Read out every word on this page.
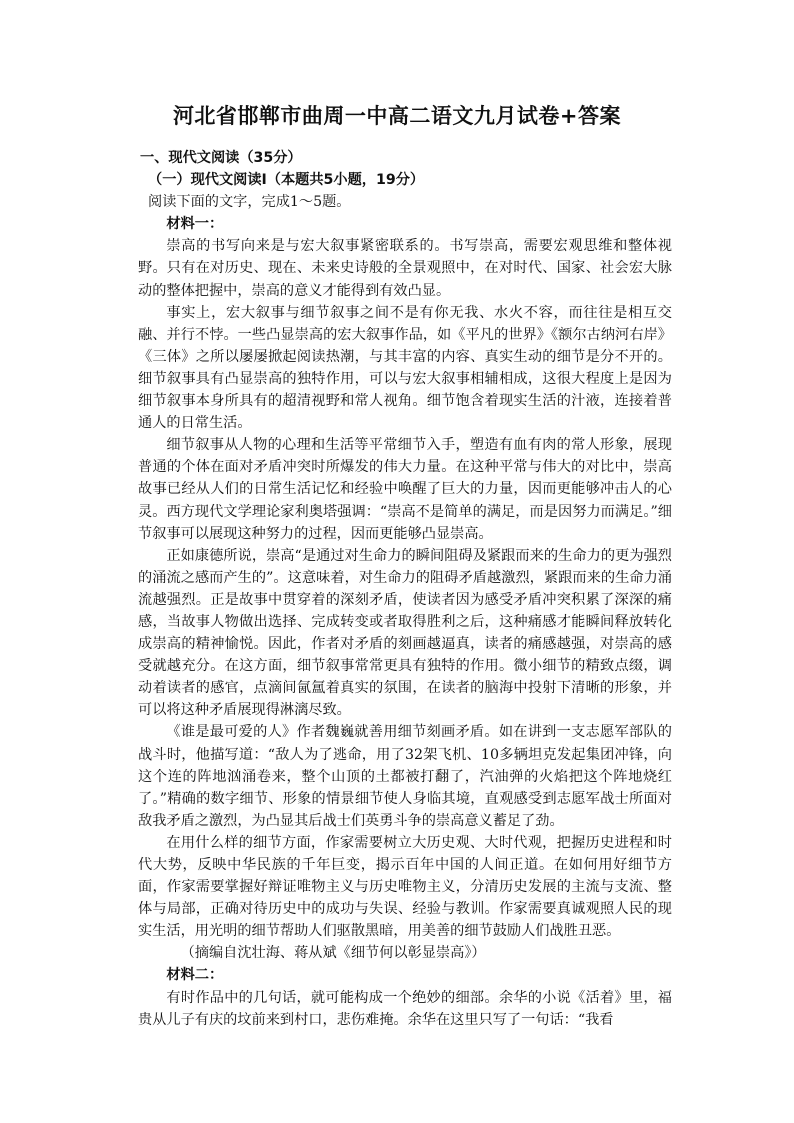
河北省邯郸市曲周一中高二语文九月试卷+答案
一、现代文阅读（35分）
（一）现代文阅读Ⅰ（本题共5小题，19分）
阅读下面的文字，完成1～5题。
材料一：

崇高的书写向来是与宏大叙事紧密联系的。书写崇高，需要宏观思维和整体视野。只有在对历史、现在、未来史诗般的全景观照中，在对时代、国家、社会宏大脉动的整体把握中，崇高的意义才能得到有效凸显。

事实上，宏大叙事与细节叙事之间不是有你无我、水火不容，而往往是相互交融、并行不悖。一些凸显崇高的宏大叙事作品，如《平凡的世界》《额尔古纳河右岸》《三体》之所以屡屡掀起阅读热潮，与其丰富的内容、真实生动的细节是分不开的。细节叙事具有凸显崇高的独特作用，可以与宏大叙事相辅相成，这很大程度上是因为细节叙事本身所具有的超清视野和常人视角。细节饱含着现实生活的汁液，连接着普通人的日常生活。

细节叙事从人物的心理和生活等平常细节入手，塑造有血有肉的常人形象，展现普通的个体在面对矛盾冲突时所爆发的伟大力量。在这种平常与伟大的对比中，崇高故事已经从人们的日常生活记忆和经验中唤醒了巨大的力量，因而更能够冲击人的心灵。西方现代文学理论家利奥塔强调：“崇高不是简单的满足，而是因努力而满足。”细节叙事可以展现这种努力的过程，因而更能够凸显崇高。

正如康德所说，崇高“是通过对生命力的瞬间阻碍及紧跟而来的生命力的更为强烈的涌流之感而产生的”。这意味着，对生命力的阻碍矛盾越激烈，紧跟而来的生命力涌流越强烈。正是故事中贯穿着的深刻矛盾，使读者因为感受矛盾冲突积累了深深的痛感，当故事人物做出选择、完成转变或者取得胜利之后，这种痛感才能瞬间释放转化成崇高的精神愉悦。因此，作者对矛盾的刻画越逼真，读者的痛感越强，对崇高的感受就越充分。在这方面，细节叙事常常更具有独特的作用。微小细节的精致点缀，调动着读者的感官，点滴间氤氲着真实的氛围，在读者的脑海中投射下清晰的形象，并可以将这种矛盾展现得淋漓尽致。

《谁是最可爱的人》作者魏巍就善用细节刻画矛盾。如在讲到一支志愿军部队的战斗时，他描写道：“敌人为了逃命，用了32架飞机、10多辆坦克发起集团冲锋，向这个连的阵地汹涌卷来，整个山顶的土都被打翻了，汽油弹的火焰把这个阵地烧红了。”精确的数字细节、形象的情景细节使人身临其境，直观感受到志愿军战士所面对敌我矛盾之激烈，为凸显其后战士们英勇斗争的崇高意义蓄足了劲。

在用什么样的细节方面，作家需要树立大历史观、大时代观，把握历史进程和时代大势，反映中华民族的千年巨变，揭示百年中国的人间正道。在如何用好细节方面，作家需要掌握好辩证唯物主义与历史唯物主义，分清历史发展的主流与支流、整体与局部，正确对待历史中的成功与失误、经验与教训。作家需要真诚观照人民的现实生活，用光明的细节帮助人们驱散黑暗，用美善的细节鼓励人们战胜丑恶。

（摘编自沈壮海、蒋从斌《细节何以彰显崇高》）

材料二：

有时作品中的几句话，就可能构成一个绝妙的细部。余华的小说《活着》里，福贵从儿子有庆的坟前来到村口，悲伤难掩。余华在这里只写了一句话：“我看
